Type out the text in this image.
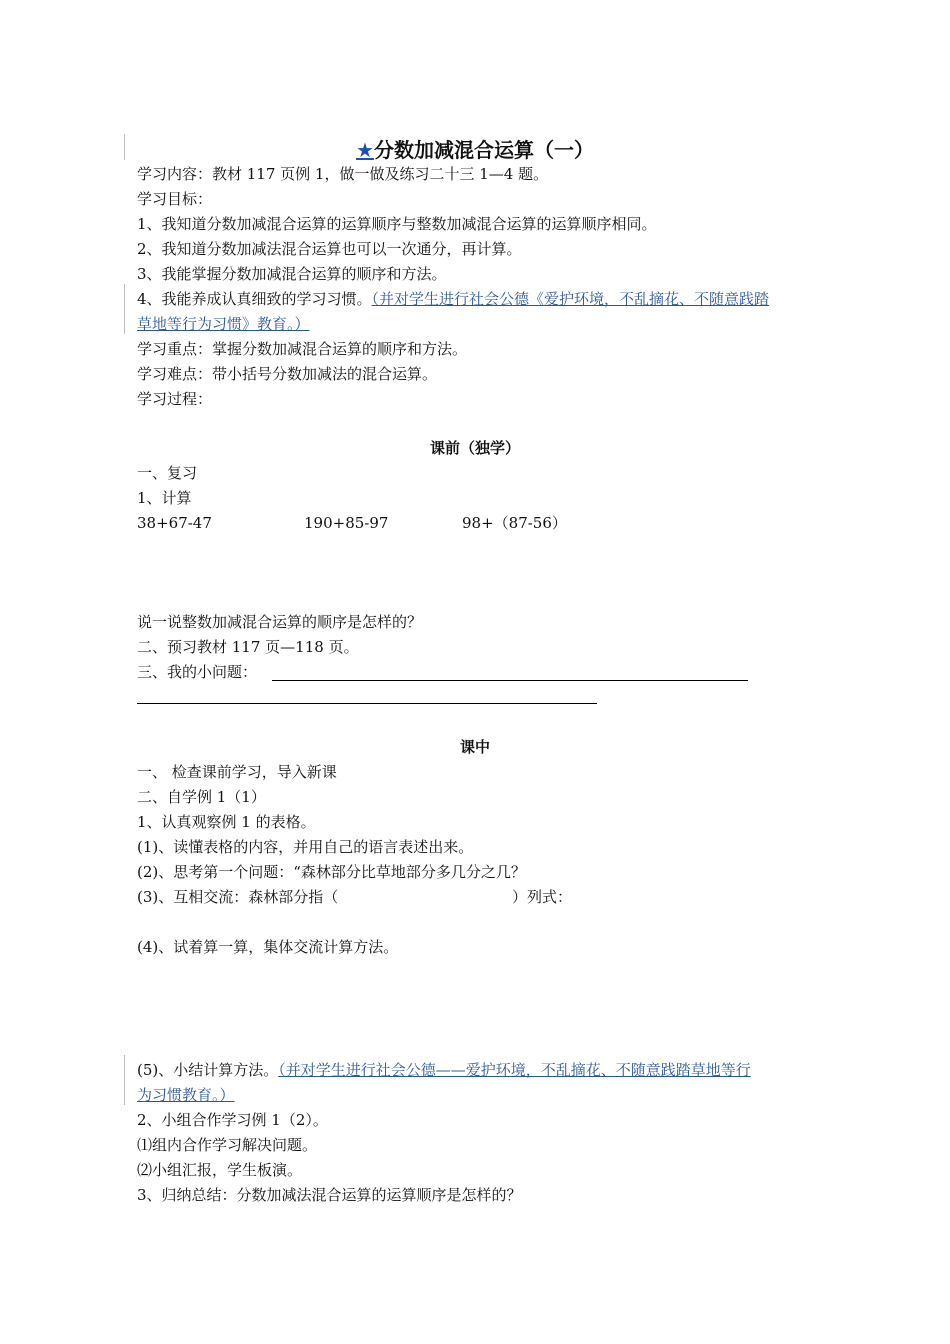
★分数加减混合运算（一）
学习内容：教材 117 页例 1，做一做及练习二十三 1—4 题。
学习目标：
1、我知道分数加减混合运算的运算顺序与整数加减混合运算的运算顺序相同。
2、我知道分数加减法混合运算也可以一次通分，再计算。
3、我能掌握分数加减混合运算的顺序和方法。
4、我能养成认真细致的学习习惯。（并对学生进行社会公德《爱护环境，不乱摘花、不随意践踏
草地等行为习惯》教育。）
学习重点：掌握分数加减混合运算的顺序和方法。
学习难点：带小括号分数加减法的混合运算。
学习过程：
课前（独学）
一、复习
1、计算
38+67-47	190+85-97	98+（87-56）
说一说整数加减混合运算的顺序是怎样的？
二、预习教材 117 页—118 页。
三、我的小问题：
课中
一、 检查课前学习，导入新课
二、自学例 1（1）
1、认真观察例 1 的表格。
(1)、读懂表格的内容，并用自己的语言表述出来。
(2)、思考第一个问题：“森林部分比草地部分多几分之几？
(3)、互相交流：森林部分指（	）列式：
(4)、试着算一算，集体交流计算方法。
(5)、小结计算方法。（并对学生进行社会公德——爱护环境，不乱摘花、不随意践踏草地等行
为习惯教育。）
2、小组合作学习例 1（2）。
⑴组内合作学习解决问题。
⑵小组汇报，学生板演。
3、归纳总结：分数加减法混合运算的运算顺序是怎样的？
